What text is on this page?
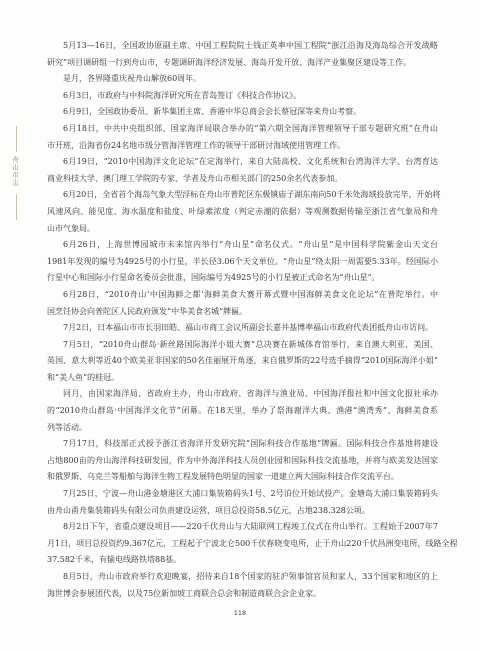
舟山市志
5月13—16日，全国政协原副主席、中国工程院院士钱正英率中国工程院“浙江沿海及海岛综合开发战略
研究”项目调研组一行到舟山市，专题调研海洋经济发展、海岛开发开放、海洋产业集聚区建设等工作。
是月，各界隆重庆祝舟山解放60周年。
6月3日，市政府与中科院海洋研究所在青岛签订《科技合作协议》。
6月9日，全国政协委员、新华集团主席、香港中华总商会会长蔡冠深等来舟山考察。
6月18日，中共中央组织部、国家海洋局联合举办的“第六期全国海洋管理领导干部专题研究班”在舟山
市开班，沿海省份24名地市级分管海洋管理工作的领导干部研讨海域使用管理工作。
6月19日，“2010中国海洋文化论坛”在定海举行，来自大陆高校、文化系统和台湾海洋大学、台湾育达
商业科技大学、澳门理工学院的专家、学者及舟山市相关部门的250余名代表参加。
6月20日，全省首个海岛气象大型浮标在舟山市普陀区东极镇庙子湖东南向50千米处海域投放完毕，开始将
风速风向、能见度、海水温度和盐度、叶绿素浓度（判定赤潮的依据）等观测数据传输至浙江省气象局和舟
山市气象局。
6月26日，上海世博园城市未来馆内举行“舟山星”命名仪式。“舟山星”是中国科学院紫金山天文台
1981年发现的编号为4925号的小行星，半长径3.06个天文单位。“舟山星”绕太阳一周需要5.33年。经国际小
行星中心和国际小行星命名委员会批准，国际编号为4925号的小行星被正式命名为“舟山星”。
6月28日，“2010舟山‘中国海鲜之都’海鲜美食大赛开幕式暨中国海鲜美食文化论坛”在普陀举行。中
国烹饪协会向普陀区人民政府颁发“中华美食名城”牌匾。
7月2日，日本福山市市长羽田皓、福山市商工会议所副会长嘉井基博率福山市政府代表团抵舟山市访问。
7月5日，“2010舟山群岛·新丝路国际海洋小姐大赛”总决赛在新城体育馆举行，来自澳大利亚、美国、
英国、意大利等近40个欧美亚非国家的50名佳丽展开角逐，来自俄罗斯的22号选手摘得“2010国际海洋小姐”
和“美人鱼”的桂冠。
同月，由国家海洋局、省政府主办，舟山市政府、省海洋与渔业局、中国海洋报社和中国文化报社承办
的“2010舟山群岛·中国海洋文化节”闭幕。在18天里，举办了祭海谢洋大典、渔港“渔湾秀”、海鲜美食系
列等活动。
7月17日，科技部正式授予浙江省海洋开发研究院“国际科技合作基地”牌匾。国际科技合作基地将建设
占地800亩的舟山海洋科技研发园，作为中外海洋科技人员创业园和国际科技交流基地，并将与欧美发达国家
和俄罗斯、乌克兰等船舶与海洋生物工程发展特色明显的国家一道建立两大国际科技合作交流平台。
7月25日，宁波—舟山港金塘港区大浦口集装箱码头1号、2号泊位开始试投产。金塘岛大浦口集装箱码头
由舟山甬舟集装箱码头有限公司负责建设运营，项目总投资58.5亿元，占地238.328公顷。
8月2日下午，省重点建设项目——220千伏舟山与大陆联网工程竣工仪式在舟山举行。工程始于2007年7
月1日，项目总投资约9.367亿元，工程起于宁波北仑500千伏春晓变电所，止于舟山220千伏昌洲变电所，线路全程
37.582千米，有输电线路铁塔88基。
8月5日，舟山市政府举行欢迎晚宴，招待来自18个国家的驻沪领事馆官员和家人，33个国家和地区的上
海世博会参展团代表，以及75位新加坡工商联合总会和制造商联合会企业家。
118
